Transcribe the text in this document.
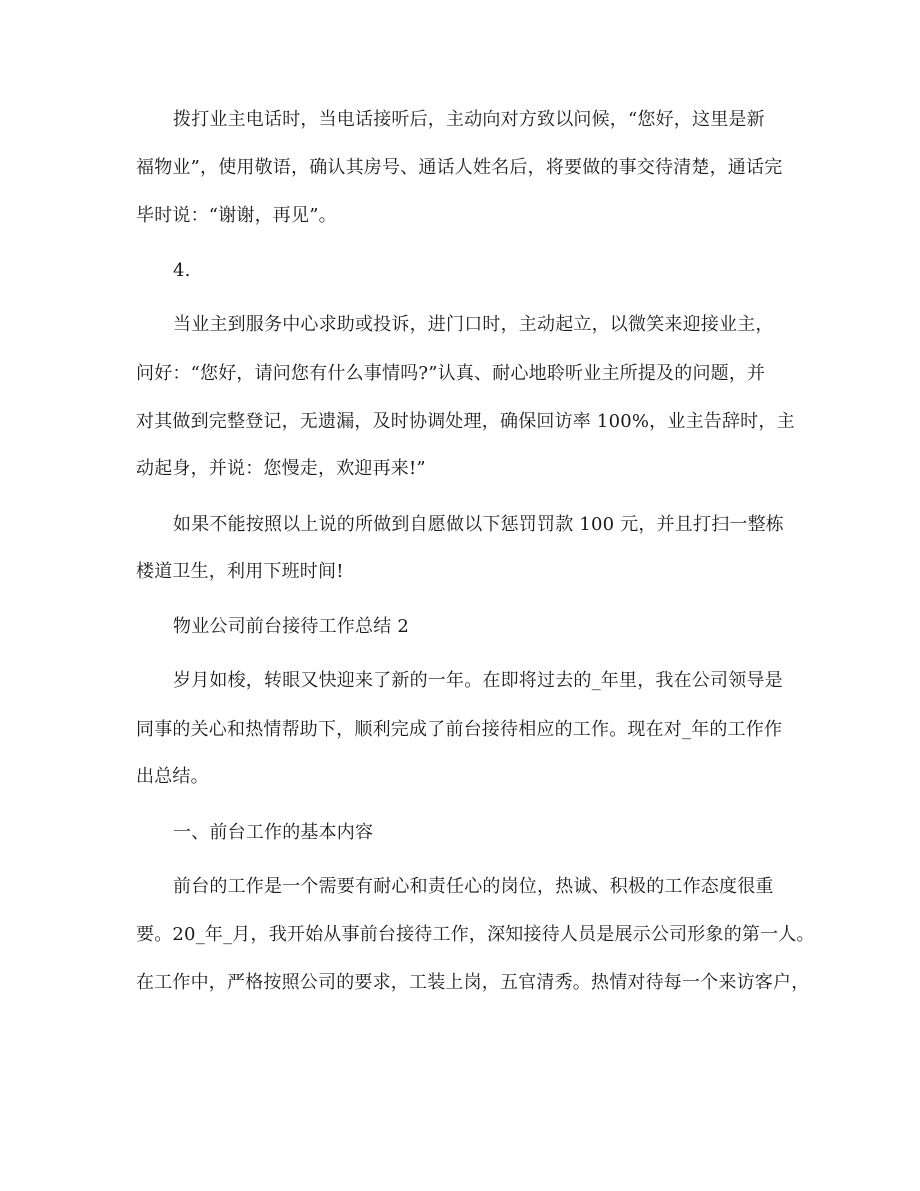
拨打业主电话时，当电话接听后，主动向对方致以问候，“您好，这里是新
福物业”，使用敬语，确认其房号、通话人姓名后，将要做的事交待清楚，通话完
毕时说：“谢谢，再见”。
4.
当业主到服务中心求助或投诉，进门口时，主动起立，以微笑来迎接业主，
问好：“您好，请问您有什么事情吗?”认真、耐心地聆听业主所提及的问题，并
对其做到完整登记，无遗漏，及时协调处理，确保回访率 100%，业主告辞时，主
动起身，并说：您慢走，欢迎再来!”
如果不能按照以上说的所做到自愿做以下惩罚罚款 100 元，并且打扫一整栋
楼道卫生，利用下班时间!
物业公司前台接待工作总结 2
岁月如梭，转眼又快迎来了新的一年。在即将过去的_年里，我在公司领导是
同事的关心和热情帮助下，顺利完成了前台接待相应的工作。现在对_年的工作作
出总结。
一、前台工作的基本内容
前台的工作是一个需要有耐心和责任心的岗位，热诚、积极的工作态度很重
要。20_年_月，我开始从事前台接待工作，深知接待人员是展示公司形象的第一人。
在工作中，严格按照公司的要求，工装上岗，五官清秀。热情对待每一个来访客户，
